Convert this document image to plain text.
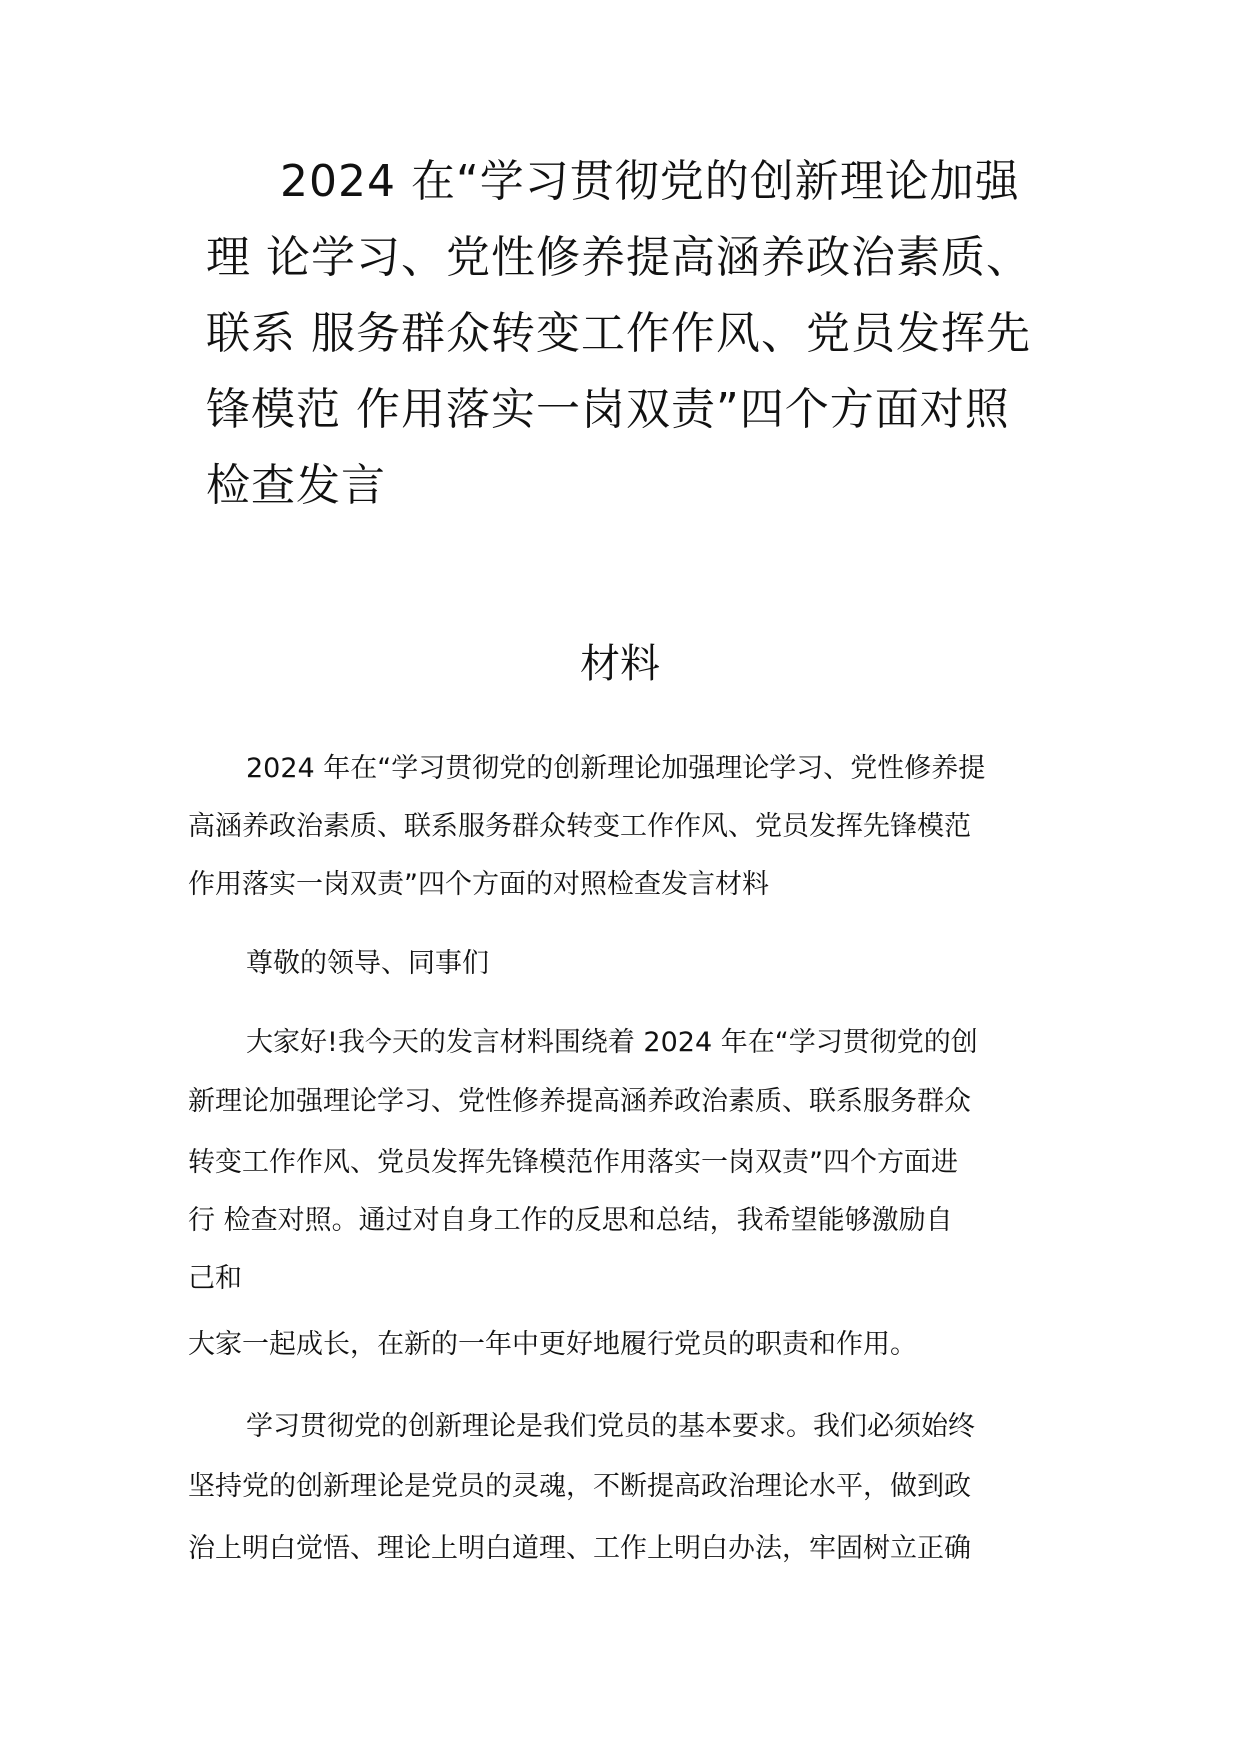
2024 在“学习贯彻党的创新理论加强
理 论学习、党性修养提高涵养政治素质、
联系 服务群众转变工作作风、党员发挥先
锋模范 作用落实一岗双责”四个方面对照
检查发言
材料
2024 年在“学习贯彻党的创新理论加强理论学习、党性修养提
高涵养政治素质、联系服务群众转变工作作风、党员发挥先锋模范
作用落实一岗双责”四个方面的对照检查发言材料
尊敬的领导、同事们
大家好!我今天的发言材料围绕着 2024 年在“学习贯彻党的创
新理论加强理论学习、党性修养提高涵养政治素质、联系服务群众
转变工作作风、党员发挥先锋模范作用落实一岗双责”四个方面进
行 检查对照。通过对自身工作的反思和总结，我希望能够激励自
己和
大家一起成长，在新的一年中更好地履行党员的职责和作用。
学习贯彻党的创新理论是我们党员的基本要求。我们必须始终
坚持党的创新理论是党员的灵魂，不断提高政治理论水平，做到政
治上明白觉悟、理论上明白道理、工作上明白办法，牢固树立正确
